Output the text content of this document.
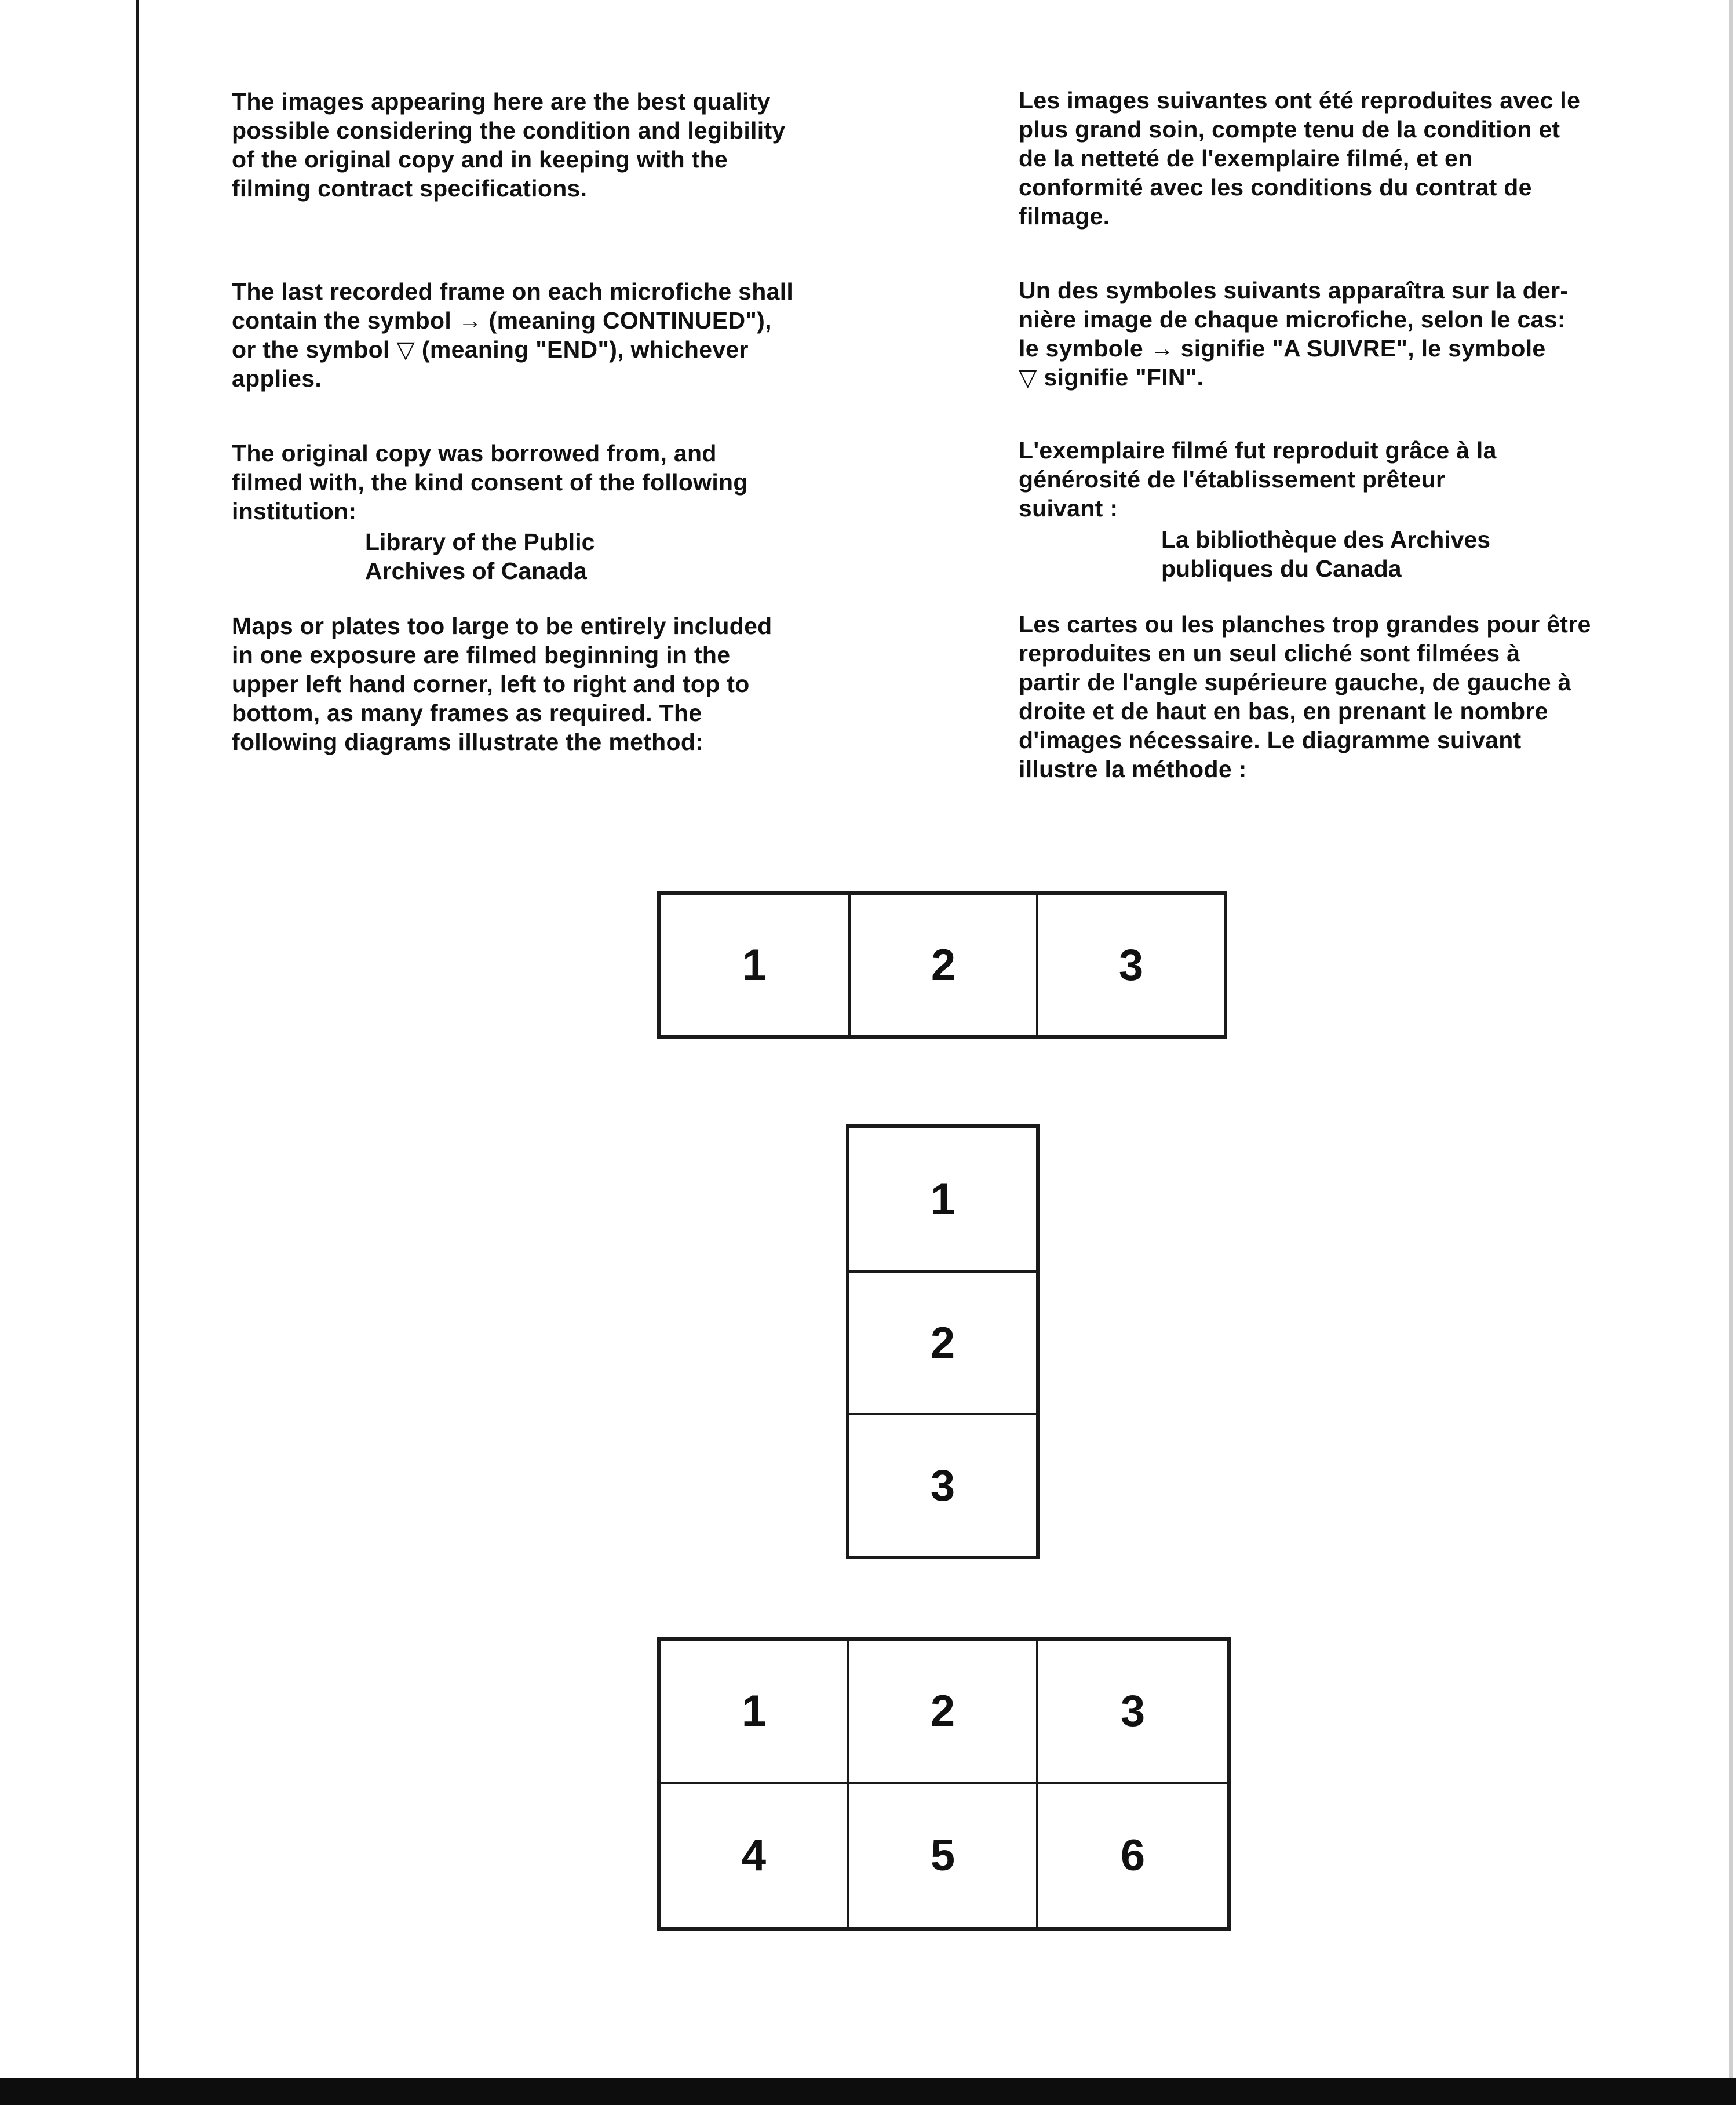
The images appearing here are the best quality
possible considering the condition and legibility
of the original copy and in keeping with the
filming contract specifications.

The last recorded frame on each microfiche shall
contain the symbol → (meaning CONTINUED"),
or the symbol ▽ (meaning "END"), whichever
applies.

The original copy was borrowed from, and
filmed with, the kind consent of the following
institution:

Library of the Public
Archives of Canada

Maps or plates too large to be entirely included
in one exposure are filmed beginning in the
upper left hand corner, left to right and top to
bottom, as many frames as required. The
following diagrams illustrate the method:

Les images suivantes ont été reproduites avec le
plus grand soin, compte tenu de la condition et
de la netteté de l'exemplaire filmé, et en
conformité avec les conditions du contrat de
filmage.

Un des symboles suivants apparaîtra sur la der-
nière image de chaque microfiche, selon le cas:
le symbole → signifie "A SUIVRE", le symbole
▽ signifie "FIN".

L'exemplaire filmé fut reproduit grâce à la
générosité de l'établissement prêteur
suivant :

La bibliothèque des Archives
publiques du Canada

Les cartes ou les planches trop grandes pour être
reproduites en un seul cliché sont filmées à
partir de l'angle supérieure gauche, de gauche à
droite et de haut en bas, en prenant le nombre
d'images nécessaire. Le diagramme suivant
illustre la méthode :

1	2	3
1
2
3
1	2	3
4	5	6
